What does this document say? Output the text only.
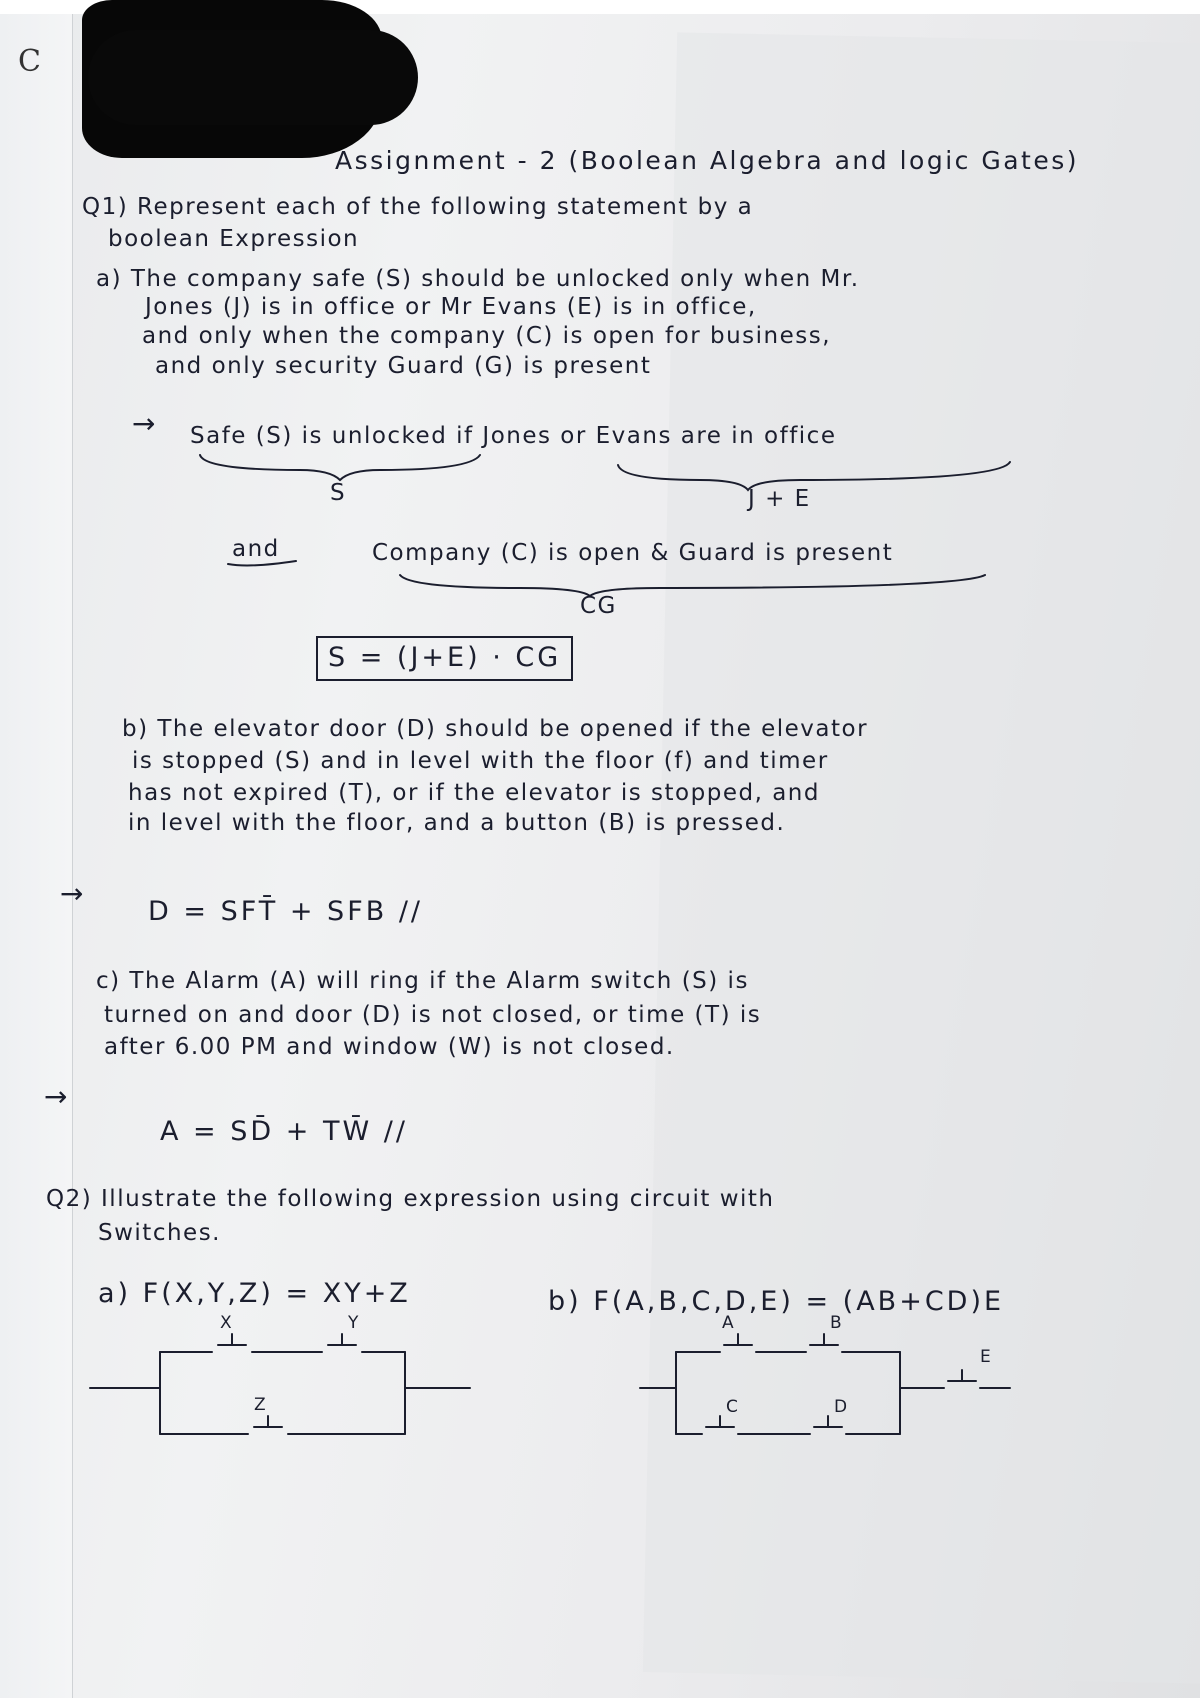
C

Assignment - 2 (Boolean Algebra and logic Gates)

Q1) Represent each of the following statement by a

boolean Expression

a) The company safe (S) should be unlocked only when Mr.

Jones (J) is in office or Mr Evans (E) is in office,

and only when the company (C) is open for business,

and only security Guard (G) is present

→ Safe (S) is unlocked if Jones or Evans are in office

S	J + E

and	Company (C) is open & Guard is present

CG

S = (J+E) · CG

b) The elevator door (D) should be opened if the elevator

is stopped (S) and in level with the floor (f) and timer

has not expired (T), or if the elevator is stopped, and

in level with the floor, and a button (B) is pressed.

→

D = SFT̄ + SFB //

c) The Alarm (A) will ring if the Alarm switch (S) is

turned on and door (D) is not closed, or time (T) is

after 6.00 PM and window (W) is not closed.

→

A = SD̄ + TW̄ //

Q2) Illustrate the following expression using circuit with

Switches.

a) F(X,Y,Z) = XY+Z	b) F(A,B,C,D,E) = (AB+CD)E

X	Y
Z
A	B
C	D
E
